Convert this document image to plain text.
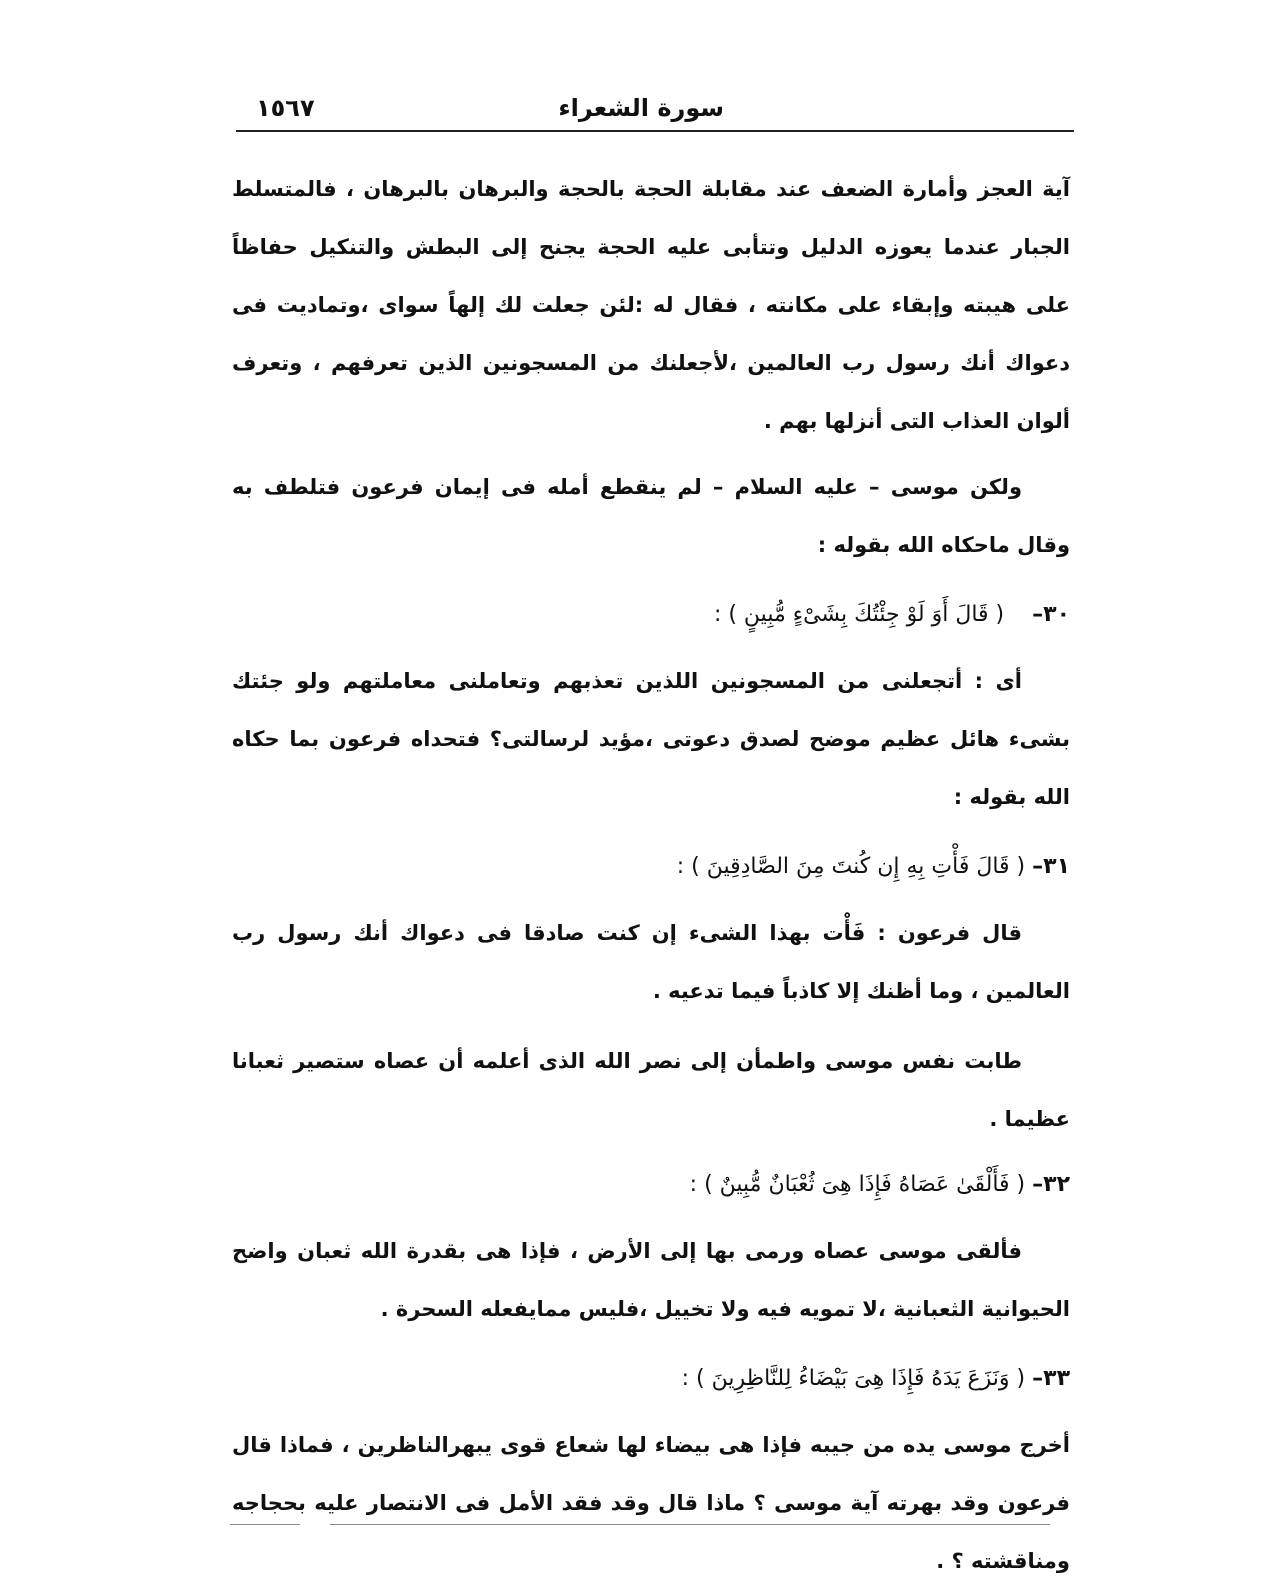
سورة الشعراء
١٥٦٧

آية العجز وأمارة الضعف عند مقابلة الحجة بالحجة والبرهان بالبرهان ، فالمتسلط الجبار عندما يعوزه الدليل وتتأبى عليه الحجة يجنح إلى البطش والتنكيل حفاظاً على هيبته وإبقاء على مكانته ، فقال له :لئن جعلت لك إلهاً سواى ،وتماديت فى دعواك أنك رسول رب العالمين ،لأجعلنك من المسجونين الذين تعرفهم ، وتعرف ألوان العذاب التى أنزلها بهم .

ولكن موسى – عليه السلام – لم ينقطع أمله فى إيمان فرعون فتلطف به وقال ماحكاه الله بقوله :

٣٠–    ( قَالَ أَوَ لَوْ جِئْتُكَ بِشَىْءٍ مُّبِينٍ ) :

أى : أتجعلنى من المسجونين اللذين تعذبهم وتعاملنى معاملتهم ولو جئتك بشىء هائل عظيم موضح لصدق دعوتى ،مؤيد لرسالتى؟ فتحداه فرعون بما حكاه الله بقوله :

٣١– ( قَالَ فَأْتِ بِهِ إِن كُنتَ مِنَ الصَّادِقِينَ ) :

قال فرعون : فَأْت بهذا الشىء إن كنت صادقا فى دعواك أنك رسول رب العالمين ، وما أظنك إلا كاذباً فيما تدعيه .

طابت نفس موسى واطمأن إلى نصر الله الذى أعلمه أن عصاه ستصير ثعبانا عظيما .

٣٢– ( فَأَلْقَىٰ عَصَاهُ فَإِذَا هِىَ ثُعْبَانٌ مُّبِينٌ ) :

فألقى موسى عصاه ورمى بها إلى الأرض ، فإذا هى بقدرة الله ثعبان واضح الحيوانية الثعبانية ،لا تمويه فيه ولا تخييل ،فليس ممايفعله السحرة .

٣٣– ( وَنَزَعَ يَدَهُ فَإِذَا هِىَ بَيْضَاءُ لِلنَّاظِرِينَ ) :

أخرج موسى يده من جيبه فإذا هى بيضاء لها شعاع قوى يبهرالناظرين ، فماذا قال فرعون وقد بهرته آية موسى ؟ ماذا قال وقد فقد الأمل فى الانتصار عليه بحجاجه ومناقشته ؟ .
